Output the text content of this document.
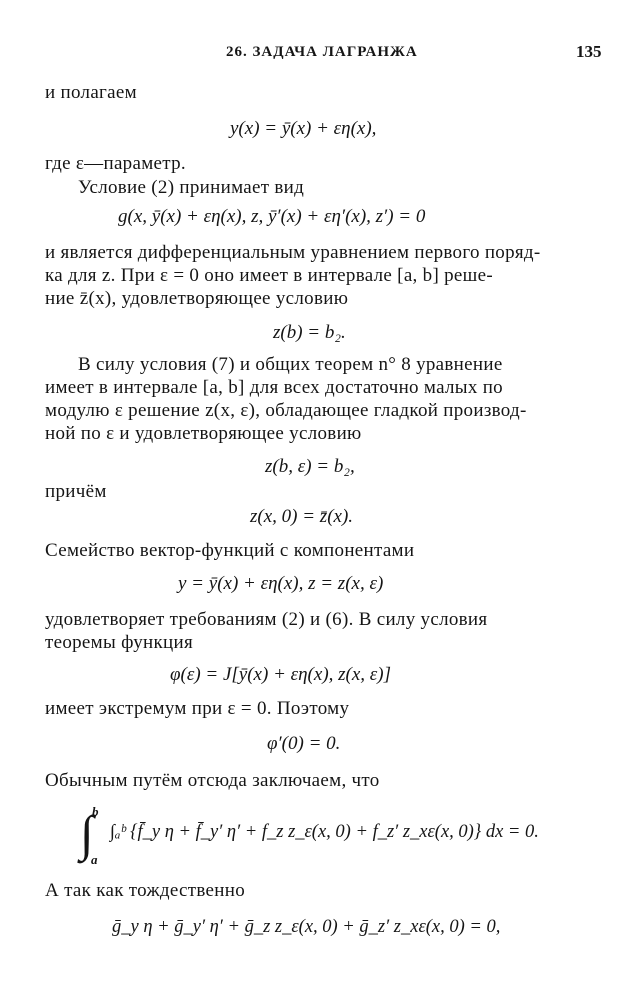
26. ЗАДАЧА ЛАГРАНЖА	135
и полагаем
где ε—параметр.
Условие (2) принимает вид
и является дифференциальным уравнением первого поряд-
ка для z. При ε = 0 оно имеет в интервале [a, b] реше-
ние z̄(x), удовлетворяющее условию
В силу условия (7) и общих теорем n° 8 уравнение
имеет в интервале [a, b] для всех достаточно малых по
модулю ε решение z(x, ε), обладающее гладкой производ-
ной по ε и удовлетворяющее условию
причём
Семейство вектор-функций с компонентами
удовлетворяет требованиям (2) и (6). В силу условия
теоремы функция
имеет экстремум при ε = 0. Поэтому
Обычным путём отсюда заключаем, что
А так как тождественно
y(x) = ȳ(x) + εη(x),
g(x, ȳ(x) + εη(x), z, ȳ′(x) + εη′(x), z′) = 0
z(b) = b₂.
z(b, ε) = b₂,
z(x, 0) = z̄(x).
y = ȳ(x) + εη(x), z = z(x, ε)
φ(ε) = J[ȳ(x) + εη(x), z(x, ε)]
φ′(0) = 0.
b
a
∫ ∫ₐᵇ {f̄_y η + f̄_y′ η′ + f_z z_ε(x, 0) + f_z′ z_xε(x, 0)} dx = 0.
ḡ_y η + ḡ_y′ η′ + ḡ_z z_ε(x, 0) + ḡ_z′ z_xε(x, 0) = 0,
